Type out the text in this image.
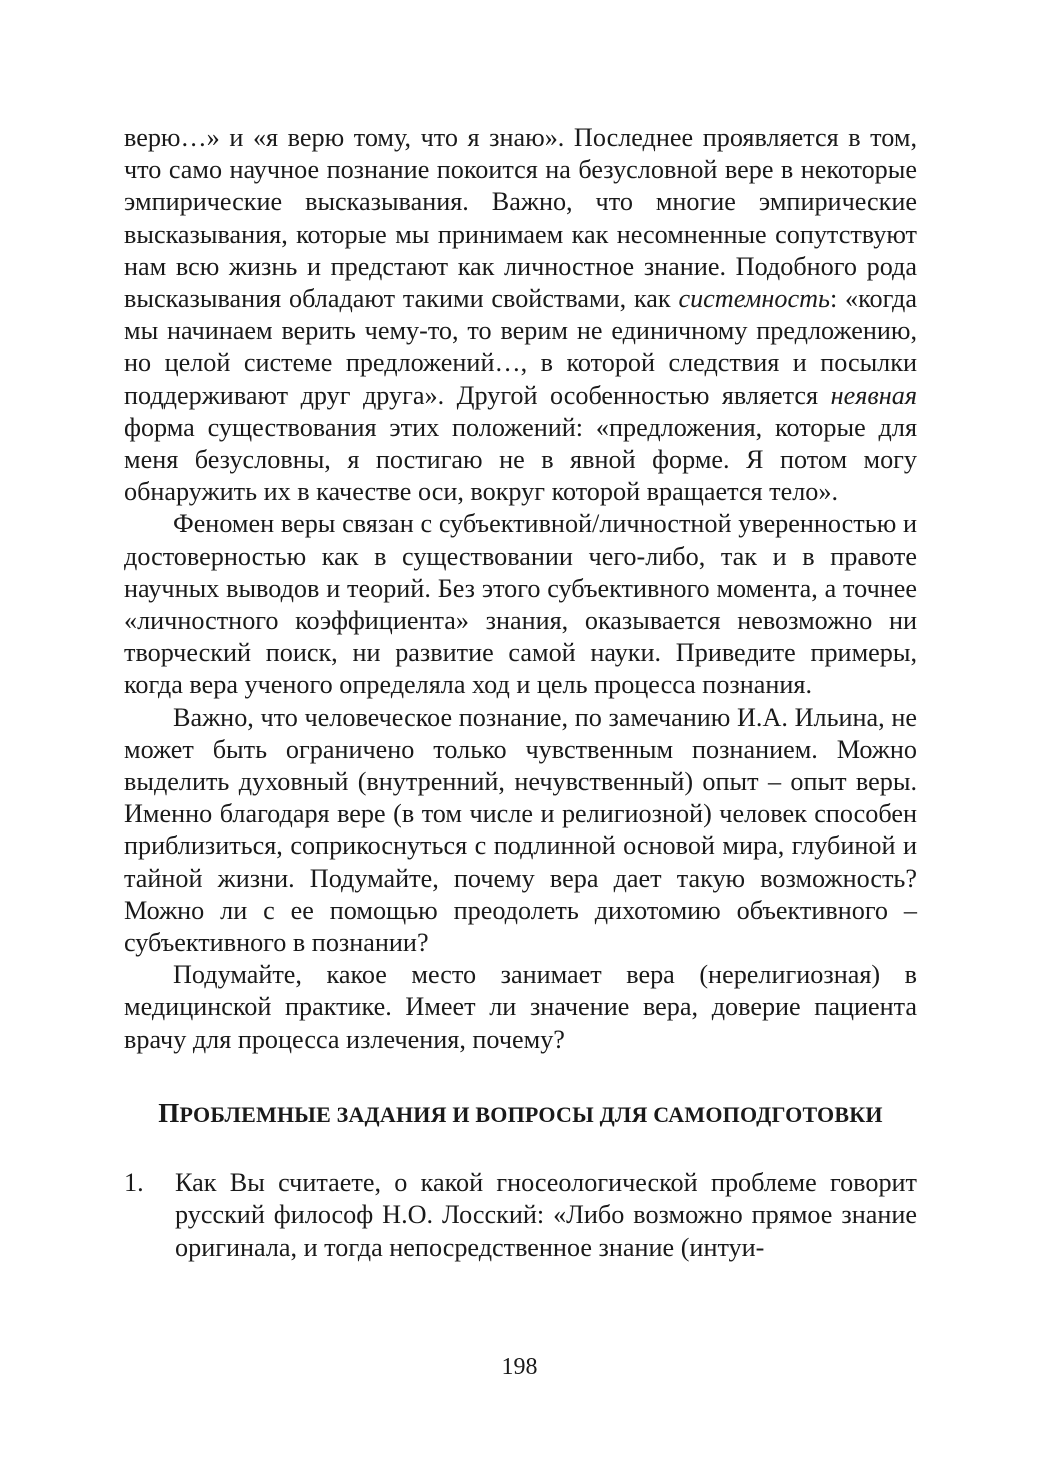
верю…» и «я верю тому, что я знаю». Последнее проявляется в том, что само научное познание покоится на безусловной вере в некоторые эмпирические высказывания. Важно, что многие эмпирические высказывания, которые мы принимаем как несомненные сопутствуют нам всю жизнь и предстают как личностное знание. Подобного рода высказывания обладают такими свойствами, как системность: «когда мы начинаем верить чему-то, то верим не единичному предложению, но целой системе предложений…, в которой следствия и посылки поддерживают друг друга». Другой особенностью является неявная форма существования этих положений: «предложения, которые для меня безусловны, я постигаю не в явной форме. Я потом могу обнаружить их в качестве оси, вокруг которой вращается тело».

Феномен веры связан с субъективной/личностной уверенностью и достоверностью как в существовании чего-либо, так и в правоте научных выводов и теорий. Без этого субъективного момента, а точнее «личностного коэффициента» знания, оказывается невозможно ни творческий поиск, ни развитие самой науки. Приведите примеры, когда вера ученого определяла ход и цель процесса познания.

Важно, что человеческое познание, по замечанию И.А. Ильина, не может быть ограничено только чувственным познанием. Можно выделить духовный (внутренний, нечувственный) опыт – опыт веры. Именно благодаря вере (в том числе и религиозной) человек способен приблизиться, соприкоснуться с подлинной основой мира, глубиной и тайной жизни. Подумайте, почему вера дает такую возможность? Можно ли с ее помощью преодолеть дихотомию объективного – субъективного в познании?

Подумайте, какое место занимает вера (нерелигиозная) в медицинской практике. Имеет ли значение вера, доверие пациента врачу для процесса излечения, почему?

ПРОБЛЕМНЫЕ ЗАДАНИЯ И ВОПРОСЫ ДЛЯ САМОПОДГОТОВКИ
1. Как Вы считаете, о какой гносеологической проблеме говорит русский философ Н.О. Лосский: «Либо возможно прямое знание оригинала, и тогда непосредственное знание (интуи-
198
